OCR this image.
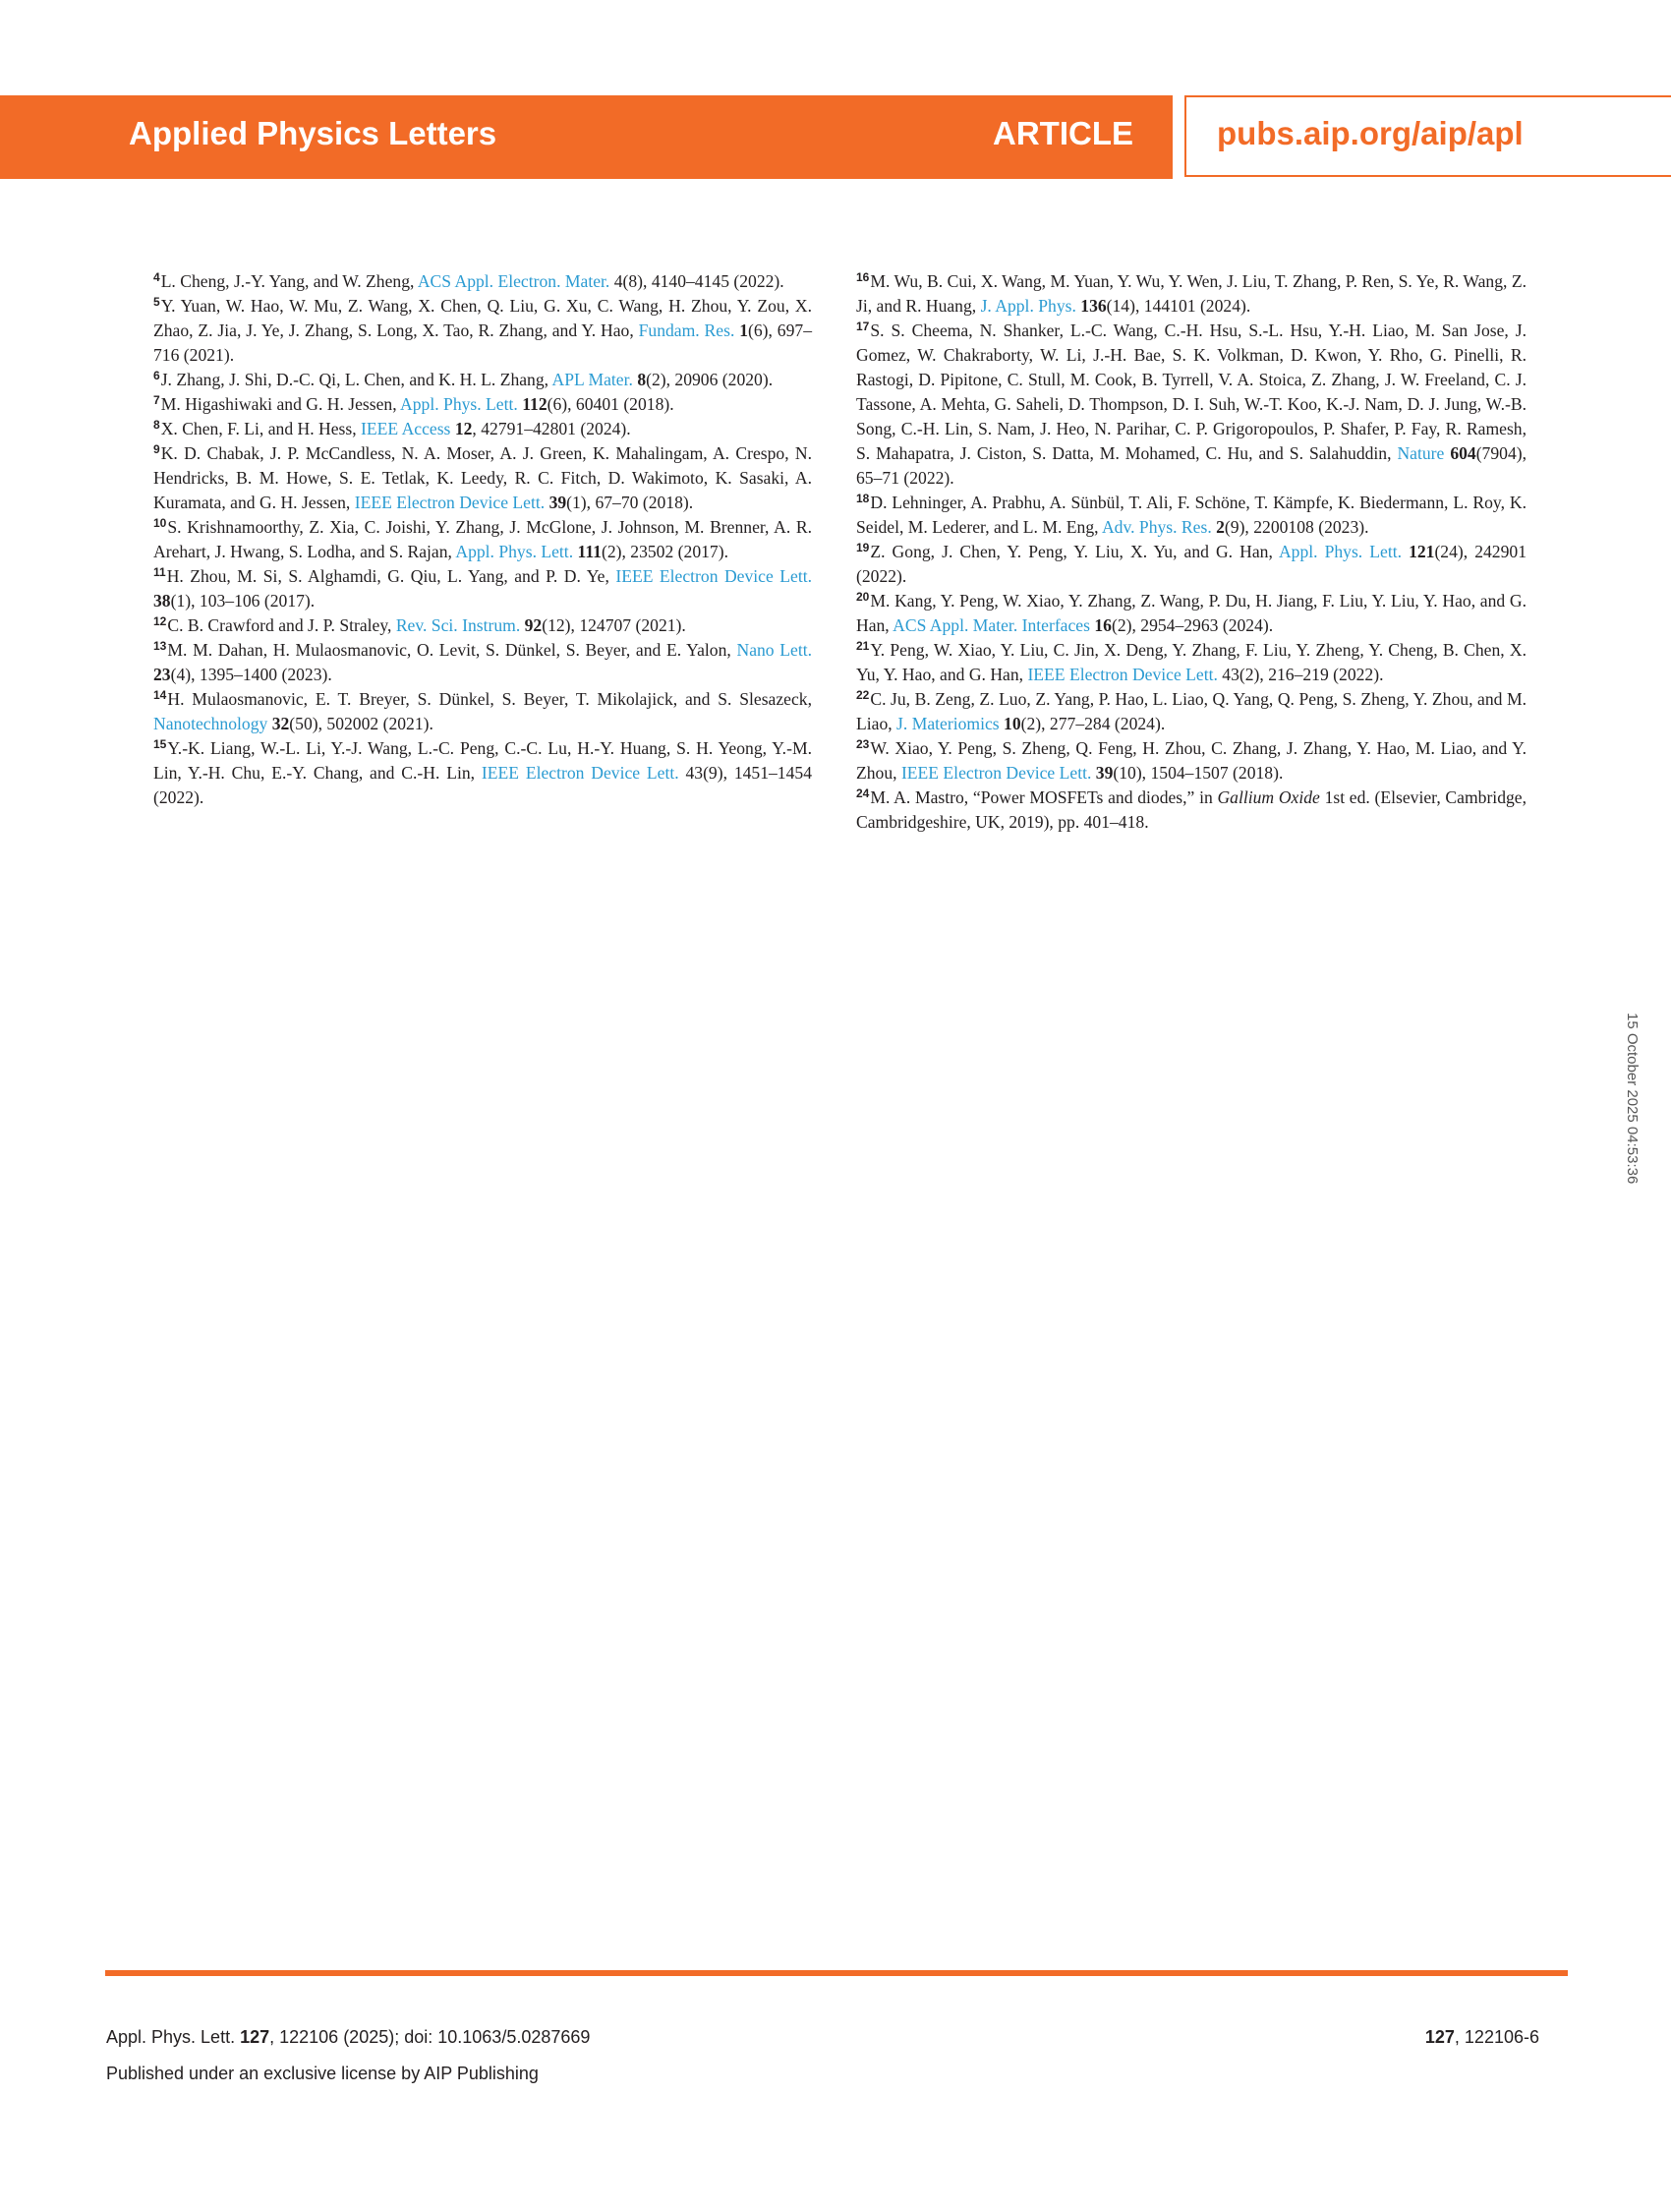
Applied Physics Letters	ARTICLE	pubs.aip.org/aip/apl

$^4$L. Cheng, J.-Y. Yang, and W. Zheng, ACS Appl. Electron. Mater. 4(8), 4140–4145 (2022).

$^5$Y. Yuan, W. Hao, W. Mu, Z. Wang, X. Chen, Q. Liu, G. Xu, C. Wang, H. Zhou, Y. Zou, X. Zhao, Z. Jia, J. Ye, J. Zhang, S. Long, X. Tao, R. Zhang, and Y. Hao, Fundam. Res. 1(6), 697–716 (2021).

$^6$J. Zhang, J. Shi, D.-C. Qi, L. Chen, and K. H. L. Zhang, APL Mater. 8(2), 20906 (2020).

$^7$M. Higashiwaki and G. H. Jessen, Appl. Phys. Lett. 112(6), 60401 (2018).

$^8$X. Chen, F. Li, and H. Hess, IEEE Access 12, 42791–42801 (2024).

$^9$K. D. Chabak, J. P. McCandless, N. A. Moser, A. J. Green, K. Mahalingam, A. Crespo, N. Hendricks, B. M. Howe, S. E. Tetlak, K. Leedy, R. C. Fitch, D. Wakimoto, K. Sasaki, A. Kuramata, and G. H. Jessen, IEEE Electron Device Lett. 39(1), 67–70 (2018).

$^{10}$S. Krishnamoorthy, Z. Xia, C. Joishi, Y. Zhang, J. McGlone, J. Johnson, M. Brenner, A. R. Arehart, J. Hwang, S. Lodha, and S. Rajan, Appl. Phys. Lett. 111(2), 23502 (2017).

$^{11}$H. Zhou, M. Si, S. Alghamdi, G. Qiu, L. Yang, and P. D. Ye, IEEE Electron Device Lett. 38(1), 103–106 (2017).

$^{12}$C. B. Crawford and J. P. Straley, Rev. Sci. Instrum. 92(12), 124707 (2021).

$^{13}$M. M. Dahan, H. Mulaosmanovic, O. Levit, S. Dünkel, S. Beyer, and E. Yalon, Nano Lett. 23(4), 1395–1400 (2023).

$^{14}$H. Mulaosmanovic, E. T. Breyer, S. Dünkel, S. Beyer, T. Mikolajick, and S. Slesazeck, Nanotechnology 32(50), 502002 (2021).

$^{15}$Y.-K. Liang, W.-L. Li, Y.-J. Wang, L.-C. Peng, C.-C. Lu, H.-Y. Huang, S. H. Yeong, Y.-M. Lin, Y.-H. Chu, E.-Y. Chang, and C.-H. Lin, IEEE Electron Device Lett. 43(9), 1451–1454 (2022).

$^{16}$M. Wu, B. Cui, X. Wang, M. Yuan, Y. Wu, Y. Wen, J. Liu, T. Zhang, P. Ren, S. Ye, R. Wang, Z. Ji, and R. Huang, J. Appl. Phys. 136(14), 144101 (2024).

$^{17}$S. S. Cheema, N. Shanker, L.-C. Wang, C.-H. Hsu, S.-L. Hsu, Y.-H. Liao, M. San Jose, J. Gomez, W. Chakraborty, W. Li, J.-H. Bae, S. K. Volkman, D. Kwon, Y. Rho, G. Pinelli, R. Rastogi, D. Pipitone, C. Stull, M. Cook, B. Tyrrell, V. A. Stoica, Z. Zhang, J. W. Freeland, C. J. Tassone, A. Mehta, G. Saheli, D. Thompson, D. I. Suh, W.-T. Koo, K.-J. Nam, D. J. Jung, W.-B. Song, C.-H. Lin, S. Nam, J. Heo, N. Parihar, C. P. Grigoropoulos, P. Shafer, P. Fay, R. Ramesh, S. Mahapatra, J. Ciston, S. Datta, M. Mohamed, C. Hu, and S. Salahuddin, Nature 604(7904), 65–71 (2022).

$^{18}$D. Lehninger, A. Prabhu, A. Sünbül, T. Ali, F. Schöne, T. Kämpfe, K. Biedermann, L. Roy, K. Seidel, M. Lederer, and L. M. Eng, Adv. Phys. Res. 2(9), 2200108 (2023).

$^{19}$Z. Gong, J. Chen, Y. Peng, Y. Liu, X. Yu, and G. Han, Appl. Phys. Lett. 121(24), 242901 (2022).

$^{20}$M. Kang, Y. Peng, W. Xiao, Y. Zhang, Z. Wang, P. Du, H. Jiang, F. Liu, Y. Liu, Y. Hao, and G. Han, ACS Appl. Mater. Interfaces 16(2), 2954–2963 (2024).

$^{21}$Y. Peng, W. Xiao, Y. Liu, C. Jin, X. Deng, Y. Zhang, F. Liu, Y. Zheng, Y. Cheng, B. Chen, X. Yu, Y. Hao, and G. Han, IEEE Electron Device Lett. 43(2), 216–219 (2022).

$^{22}$C. Ju, B. Zeng, Z. Luo, Z. Yang, P. Hao, L. Liao, Q. Yang, Q. Peng, S. Zheng, Y. Zhou, and M. Liao, J. Materiomics 10(2), 277–284 (2024).

$^{23}$W. Xiao, Y. Peng, S. Zheng, Q. Feng, H. Zhou, C. Zhang, J. Zhang, Y. Hao, M. Liao, and Y. Zhou, IEEE Electron Device Lett. 39(10), 1504–1507 (2018).

$^{24}$M. A. Mastro, “Power MOSFETs and diodes,” in Gallium Oxide 1st ed. (Elsevier, Cambridge, Cambridgeshire, UK, 2019), pp. 401–418.

15 October 2025 04:53:36
Appl. Phys. Lett. 127, 122106 (2025); doi: 10.1063/5.0287669
Published under an exclusive license by AIP Publishing
127, 122106-6
